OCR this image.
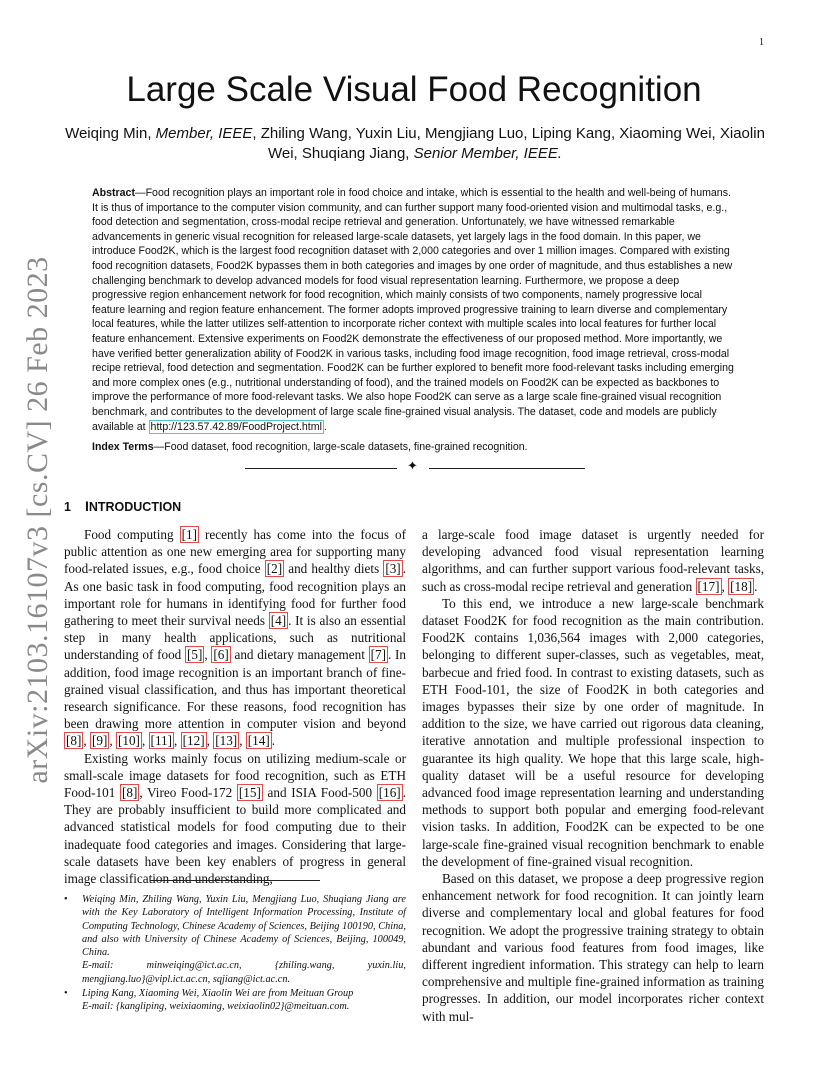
1
arXiv:2103.16107v3 [cs.CV] 26 Feb 2023
Large Scale Visual Food Recognition
Weiqing Min, Member, IEEE, Zhiling Wang, Yuxin Liu, Mengjiang Luo, Liping Kang, Xiaoming Wei, Xiaolin
Wei, Shuqiang Jiang, Senior Member, IEEE.
Abstract—Food recognition plays an important role in food choice and intake, which is essential to the health and well-being of humans. It is thus of importance to the computer vision community, and can further support many food-oriented vision and multimodal tasks, e.g., food detection and segmentation, cross-modal recipe retrieval and generation. Unfortunately, we have witnessed remarkable advancements in generic visual recognition for released large-scale datasets, yet largely lags in the food domain. In this paper, we introduce Food2K, which is the largest food recognition dataset with 2,000 categories and over 1 million images. Compared with existing food recognition datasets, Food2K bypasses them in both categories and images by one order of magnitude, and thus establishes a new challenging benchmark to develop advanced models for food visual representation learning. Furthermore, we propose a deep progressive region enhancement network for food recognition, which mainly consists of two components, namely progressive local feature learning and region feature enhancement. The former adopts improved progressive training to learn diverse and complementary local features, while the latter utilizes self-attention to incorporate richer context with multiple scales into local features for further local feature enhancement. Extensive experiments on Food2K demonstrate the effectiveness of our proposed method. More importantly, we have verified better generalization ability of Food2K in various tasks, including food image recognition, food image retrieval, cross-modal recipe retrieval, food detection and segmentation. Food2K can be further explored to benefit more food-relevant tasks including emerging and more complex ones (e.g., nutritional understanding of food), and the trained models on Food2K can be expected as backbones to improve the performance of more food-relevant tasks. We also hope Food2K can serve as a large scale fine-grained visual recognition benchmark, and contributes to the development of large scale fine-grained visual analysis. The dataset, code and models are publicly available at http://123.57.42.89/FoodProject.html .
Index Terms—Food dataset, food recognition, large-scale datasets, fine-grained recognition.
✦
1 INTRODUCTION

Food computing [1] recently has come into the focus of public attention as one new emerging area for supporting many food-related issues, e.g., food choice [2] and healthy diets [3] . As one basic task in food computing, food recognition plays an important role for humans in identifying food for further food gathering to meet their survival needs [4] . It is also an essential step in many health applications, such as nutritional understanding of food [5] , [6] and dietary management [7] . In addition, food image recognition is an important branch of fine-grained visual classification, and thus has important theoretical research significance. For these reasons, food recognition has been drawing more attention in computer vision and beyond [8] , [9] , [10] , [11] , [12] , [13] , [14] .

Existing works mainly focus on utilizing medium-scale or small-scale image datasets for food recognition, such as ETH Food-101 [8] , Vireo Food-172 [15] and ISIA Food-500 [16] . They are probably insufficient to build more complicated and advanced statistical models for food computing due to their inadequate food categories and images. Considering that large-scale datasets have been key enablers of progress in general image classification and understanding,

a large-scale food image dataset is urgently needed for developing advanced food visual representation learning algorithms, and can further support various food-relevant tasks, such as cross-modal recipe retrieval and generation [17] , [18] .

To this end, we introduce a new large-scale benchmark dataset Food2K for food recognition as the main contribution. Food2K contains 1,036,564 images with 2,000 categories, belonging to different super-classes, such as vegetables, meat, barbecue and fried food. In contrast to existing datasets, such as ETH Food-101, the size of Food2K in both categories and images bypasses their size by one order of magnitude. In addition to the size, we have carried out rigorous data cleaning, iterative annotation and multiple professional inspection to guarantee its high quality. We hope that this large scale, high-quality dataset will be a useful resource for developing advanced food image representation learning and understanding methods to support both popular and emerging food-relevant vision tasks. In addition, Food2K can be expected to be one large-scale fine-grained visual recognition benchmark to enable the development of fine-grained visual recognition.

Based on this dataset, we propose a deep progressive region enhancement network for food recognition. It can jointly learn diverse and complementary local and global features for food recognition. We adopt the progressive training strategy to obtain abundant and various food features from food images, like different ingredient information. This strategy can help to learn comprehensive and multiple fine-grained information as training progresses. In addition, our model incorporates richer context with mul-

• Weiqing Min, Zhiling Wang, Yuxin Liu, Mengjiang Luo, Shuqiang Jiang are with the Key Laboratory of Intelligent Information Processing, Institute of Computing Technology, Chinese Academy of Sciences, Beijing 100190, China, and also with University of Chinese Academy of Sciences, Beijing, 100049, China.
E-mail:	minweiqing@ict.ac.cn,	{zhiling.wang,	yuxin.liu,
mengjiang.luo}@vipl.ict.ac.cn, sqjiang@ict.ac.cn.
• Liping Kang, Xiaoming Wei, Xiaolin Wei are from Meituan Group
E-mail: {kangliping, weixiaoming, weixiaolin02}@meituan.com.
